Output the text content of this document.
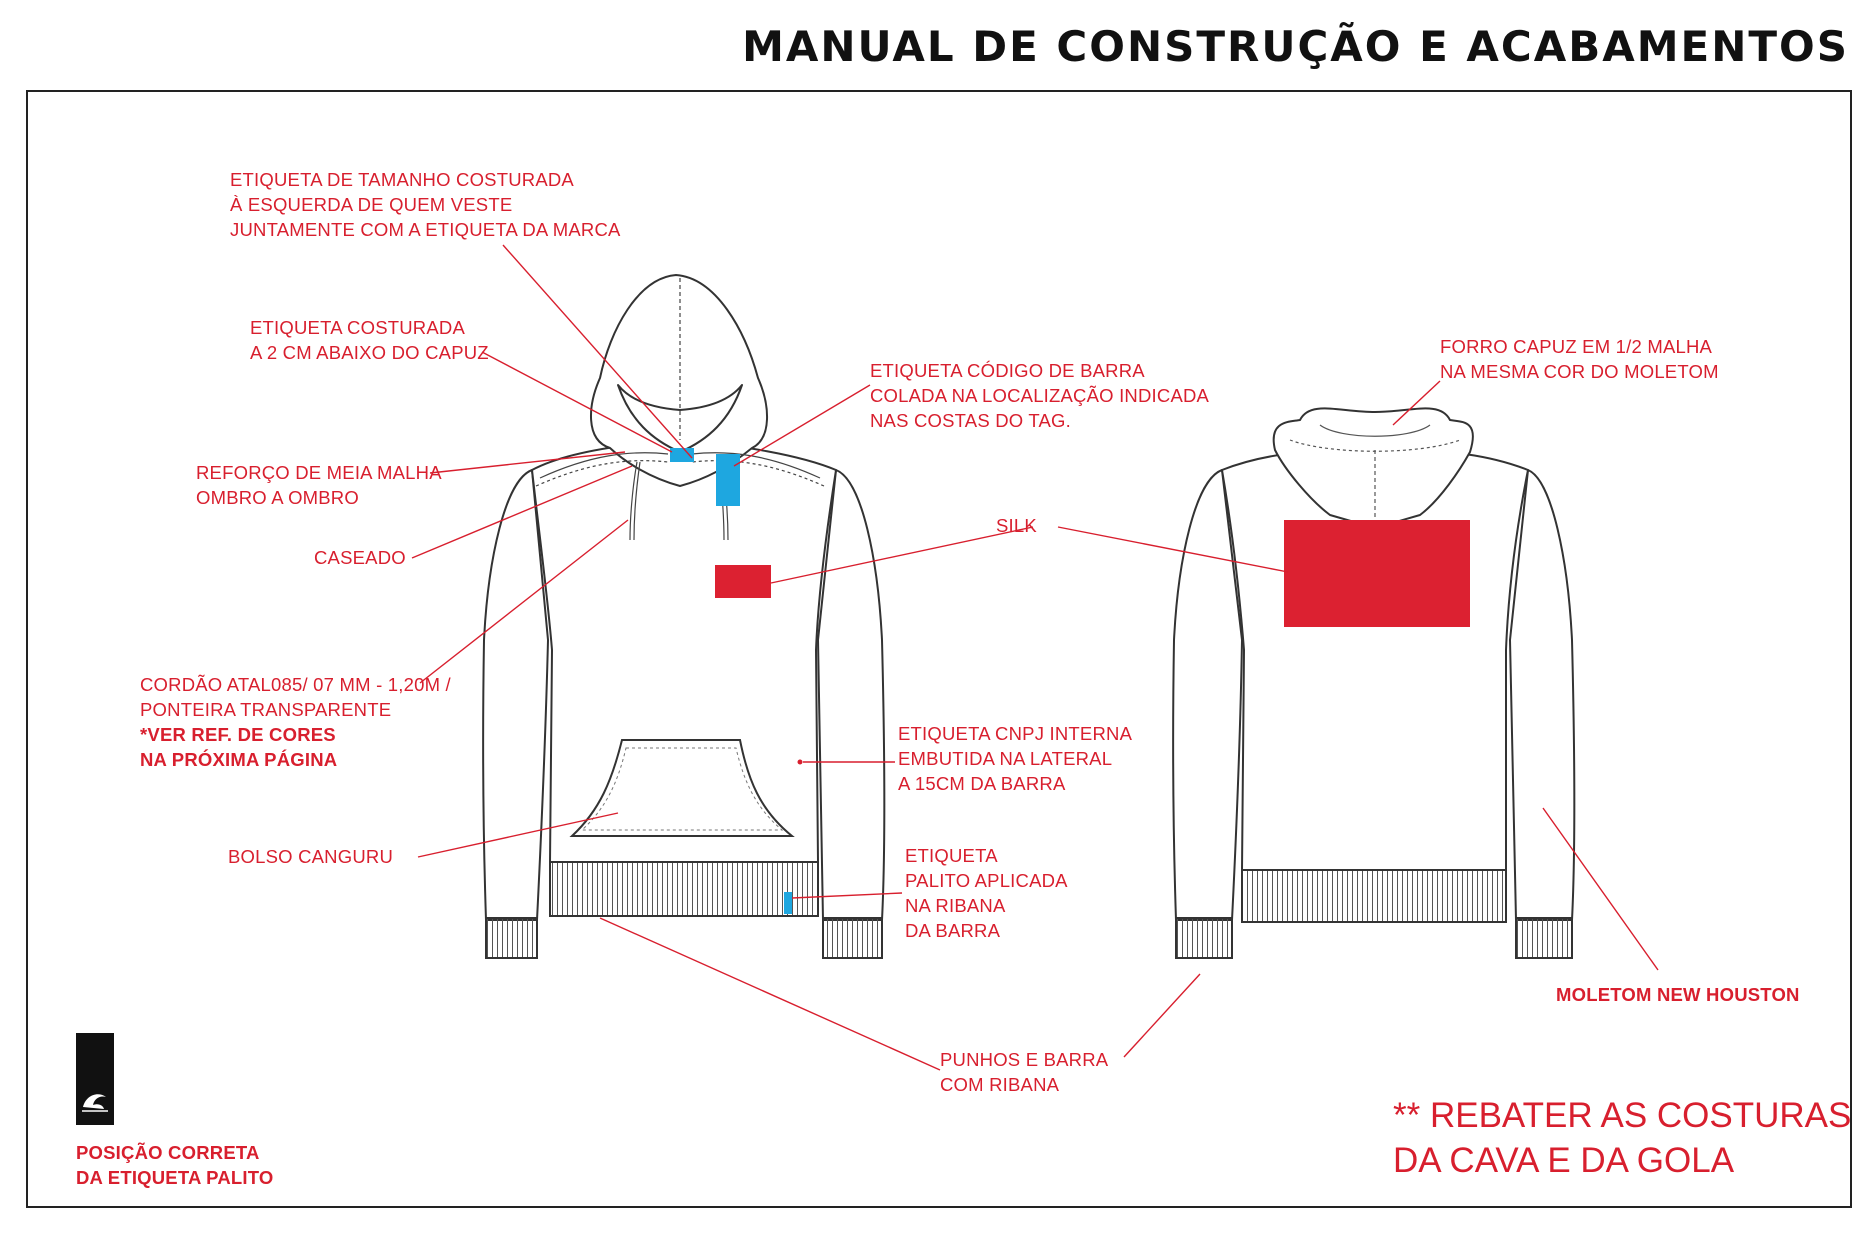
MANUAL DE CONSTRUÇÃO E ACABAMENTOS
ETIQUETA DE TAMANHO COSTURADA
À ESQUERDA DE QUEM VESTE
JUNTAMENTE COM A ETIQUETA DA MARCA
ETIQUETA COSTURADA
A 2 CM ABAIXO DO CAPUZ
REFORÇO DE MEIA MALHA
OMBRO A OMBRO
CASEADO
CORDÃO ATAL085/ 07 MM - 1,20M /
PONTEIRA TRANSPARENTE
*VER REF. DE CORES
NA PRÓXIMA PÁGINA
BOLSO CANGURU
ETIQUETA CÓDIGO DE BARRA
COLADA NA LOCALIZAÇÃO INDICADA
NAS COSTAS DO TAG.
SILK
ETIQUETA CNPJ INTERNA
EMBUTIDA NA LATERAL
A 15CM DA BARRA
ETIQUETA
PALITO APLICADA
NA RIBANA
DA BARRA
PUNHOS E BARRA
COM RIBANA
FORRO CAPUZ EM 1/2 MALHA
NA MESMA COR DO MOLETOM
MOLETOM NEW HOUSTON
** REBATER AS COSTURAS
DA CAVA E DA GOLA
POSIÇÃO CORRETA
DA ETIQUETA PALITO
